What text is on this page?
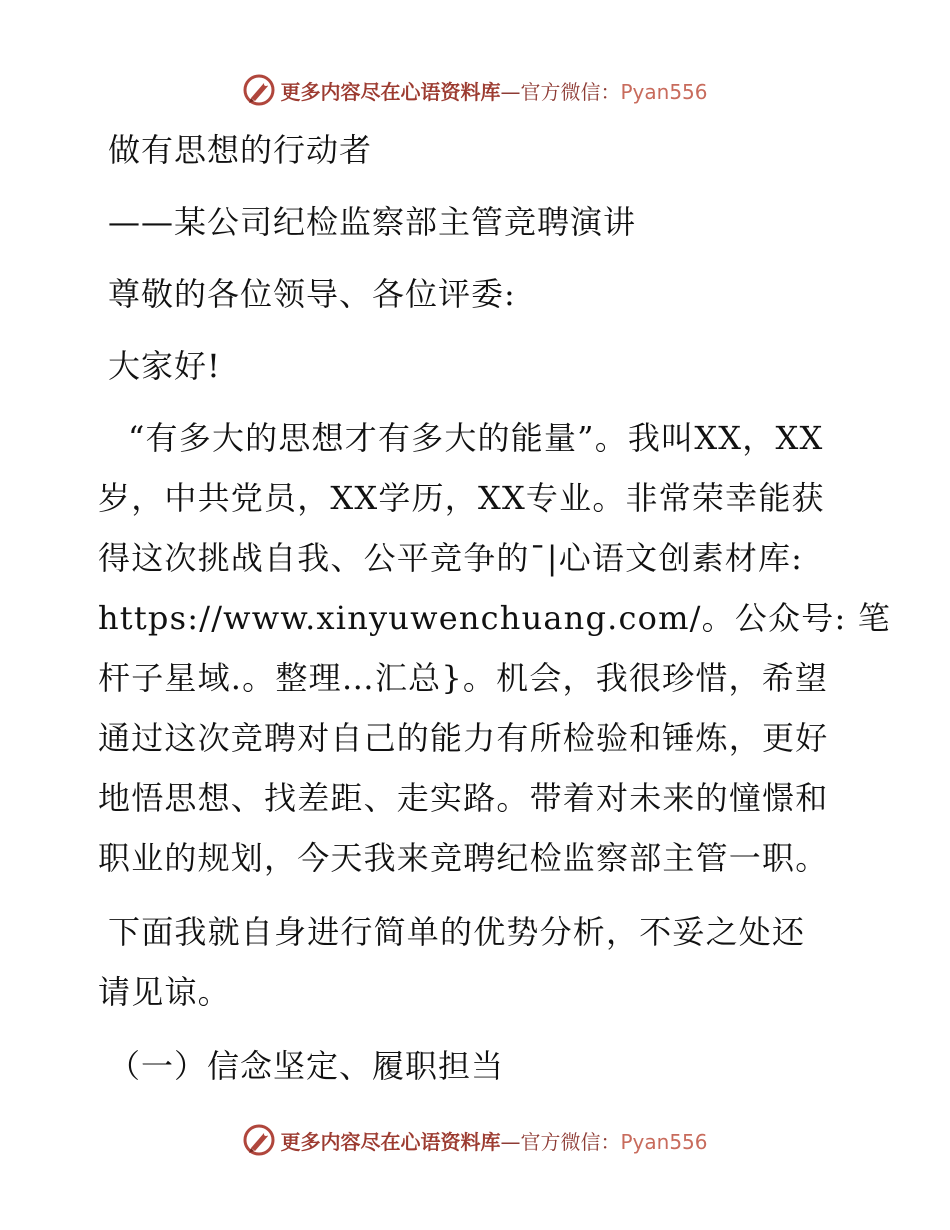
更多内容尽在心语资料库—官方微信：Pyan556
做有思想的行动者
——某公司纪检监察部主管竞聘演讲
尊敬的各位领导、各位评委:
大家好!
“有多大的思想才有多大的能量”。我叫XX，XX
岁，中共党员，XX学历，XX专业。非常荣幸能获
得这次挑战自我、公平竞争的¯|心语文创素材库:
https://www.xinyuwenchuang.com/。公众号: 笔
杆子星域.。整理…汇总}。机会，我很珍惜，希望
通过这次竞聘对自己的能力有所检验和锤炼，更好
地悟思想、找差距、走实路。带着对未来的憧憬和
职业的规划，今天我来竞聘纪检监察部主管一职。
下面我就自身进行简单的优势分析，不妥之处还
请见谅。
（一）信念坚定、履职担当
更多内容尽在心语资料库—官方微信：Pyan556
